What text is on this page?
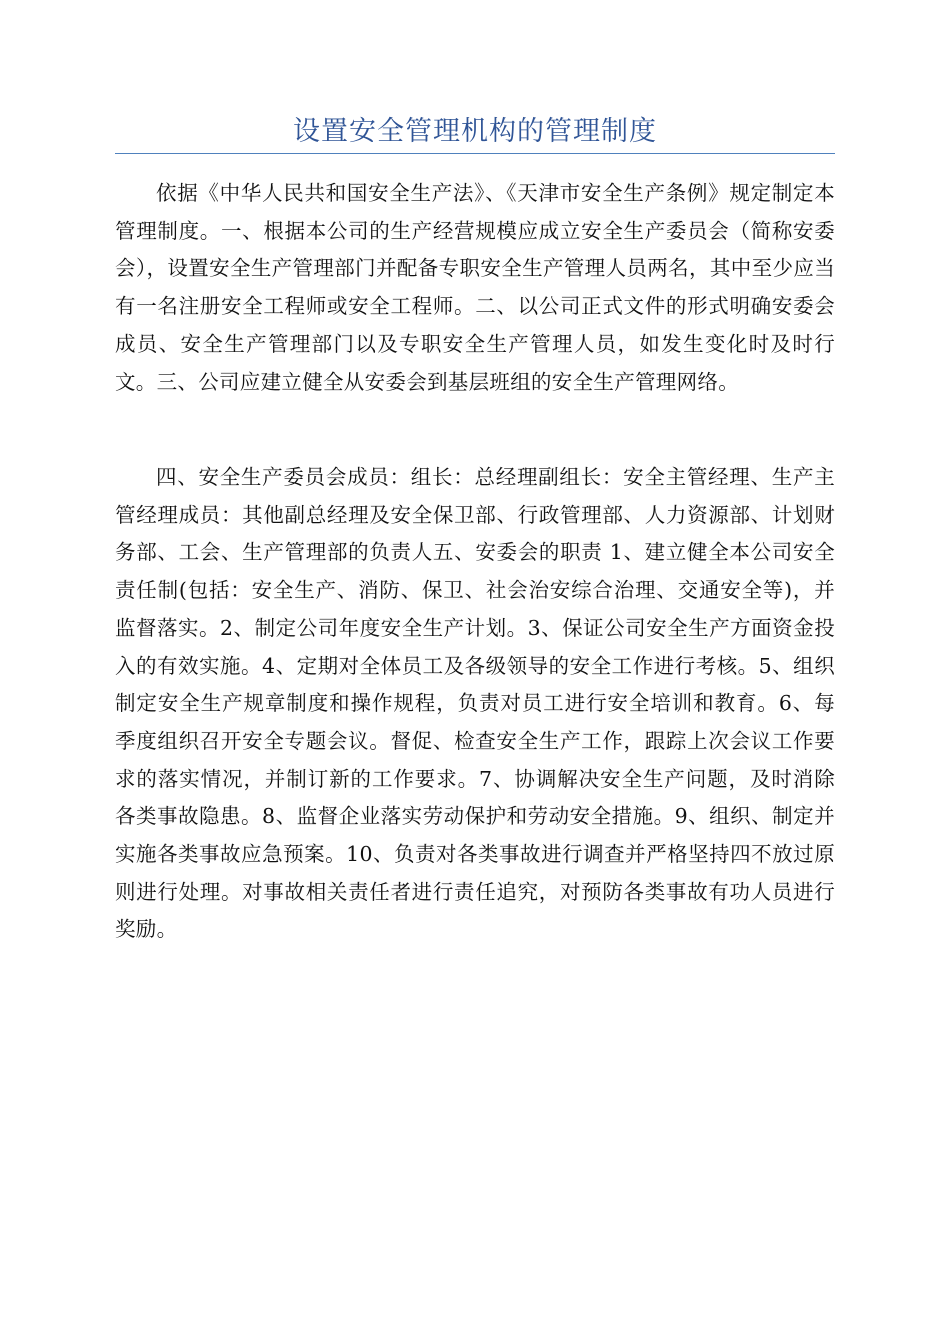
设置安全管理机构的管理制度

依据《中华人民共和国安全生产法》、《天津市安全生产条例》规定制定本管理制度。一、根据本公司的生产经营规模应成立安全生产委员会（简称安委会），设置安全生产管理部门并配备专职安全生产管理人员两名，其中至少应当有一名注册安全工程师或安全工程师。二、以公司正式文件的形式明确安委会成员、安全生产管理部门以及专职安全生产管理人员，如发生变化时及时行文。三、公司应建立健全从安委会到基层班组的安全生产管理网络。

四、安全生产委员会成员：组长：总经理副组长：安全主管经理、生产主管经理成员：其他副总经理及安全保卫部、行政管理部、人力资源部、计划财务部、工会、生产管理部的负责人五、安委会的职责 1、建立健全本公司安全责任制(包括：安全生产、消防、保卫、社会治安综合治理、交通安全等)，并监督落实。2、制定公司年度安全生产计划。3、保证公司安全生产方面资金投入的有效实施。4、定期对全体员工及各级领导的安全工作进行考核。5、组织制定安全生产规章制度和操作规程，负责对员工进行安全培训和教育。6、每季度组织召开安全专题会议。督促、检查安全生产工作，跟踪上次会议工作要求的落实情况，并制订新的工作要求。7、协调解决安全生产问题，及时消除各类事故隐患。8、监督企业落实劳动保护和劳动安全措施。9、组织、制定并实施各类事故应急预案。10、负责对各类事故进行调查并严格坚持四不放过原则进行处理。对事故相关责任者进行责任追究，对预防各类事故有功人员进行奖励。
